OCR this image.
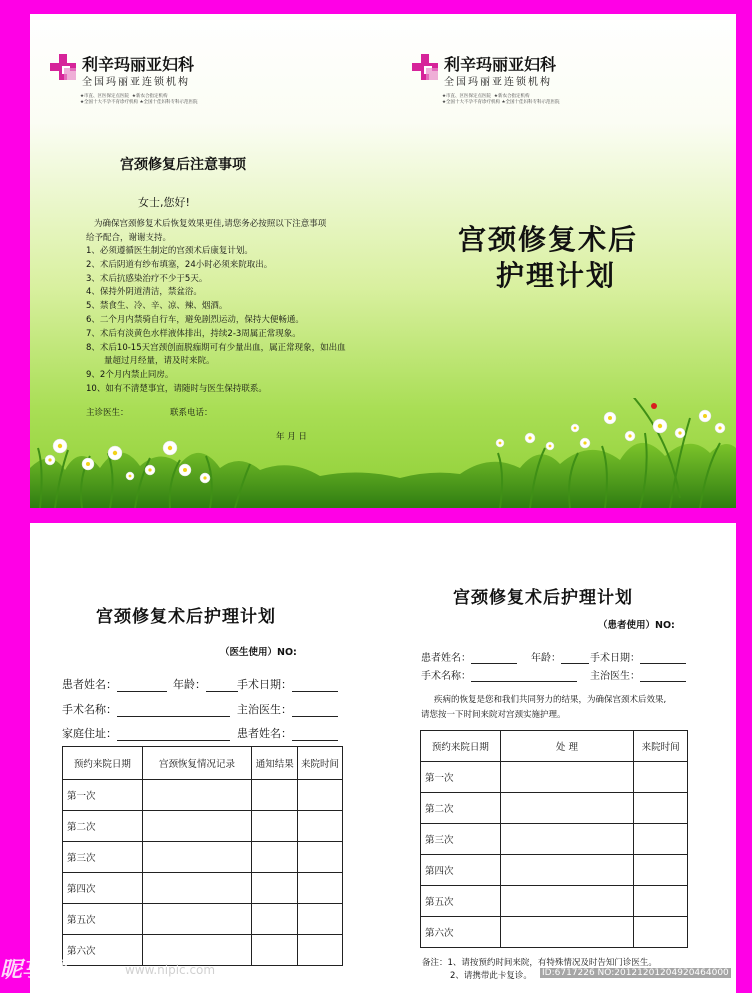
利辛玛丽亚妇科
全国玛丽亚连锁机构
★市直、区医保定点医院 ★新农合指定机构
★全国十大不孕不育诊疗机构 ★全国十佳妇科专科示范医院
利辛玛丽亚妇科
全国玛丽亚连锁机构
★市直、区医保定点医院 ★新农合指定机构
★全国十大不孕不育诊疗机构 ★全国十佳妇科专科示范医院
宫颈修复后注意事项
女士,您好!
为确保宫颈修复术后恢复效果更佳,请您务必按照以下注意事项
给予配合，谢谢支持。
1、必须遵循医生制定的宫颈术后康复计划。
2、术后阴道有纱布填塞，24小时必须来院取出。
3、术后抗感染治疗不少于5天。
4、保持外阴道清洁，禁盆浴。
5、禁食生、冷、辛、凉、辣、烟酒。
6、二个月内禁骑自行车，避免剧烈运动，保持大便畅通。
7、术后有淡黄色水样液体排出，持续2-3周属正常现象。
8、术后10-15天宫颈创面脱痂期可有少量出血，属正常现象，如出血
量超过月经量，请及时来院。
9、2个月内禁止同房。
10、如有不清楚事宜，请随时与医生保持联系。
主诊医生：	联系电话：
年 月 日
宫颈修复术后
护理计划
宫颈修复术后护理计划
（医生使用）NO:
患者姓名：	年龄：	手术日期：
手术名称：	主治医生：
家庭住址：	患者姓名：
预约来院日期	宫颈恢复情况记录	通知结果	来院时间
第一次			
第二次			
第三次			
第四次			
第五次			
第六次			
宫颈修复术后护理计划
（患者使用）NO:
患者姓名：	年龄：	手术日期：
手术名称：	主治医生：
疾病的恢复是您和我们共同努力的结果，为确保宫颈术后效果,
请您按一下时间来院对宫颈实施护理。
预约来院日期	处 理	来院时间
第一次		
第二次		
第三次		
第四次		
第五次		
第六次		
备注：1、请按预约时间来院，有特殊情况及时告知门诊医生。
2、请携带此卡复诊。
昵享网	www.nipic.com	ID:6717226 NO:20121201204920464000
